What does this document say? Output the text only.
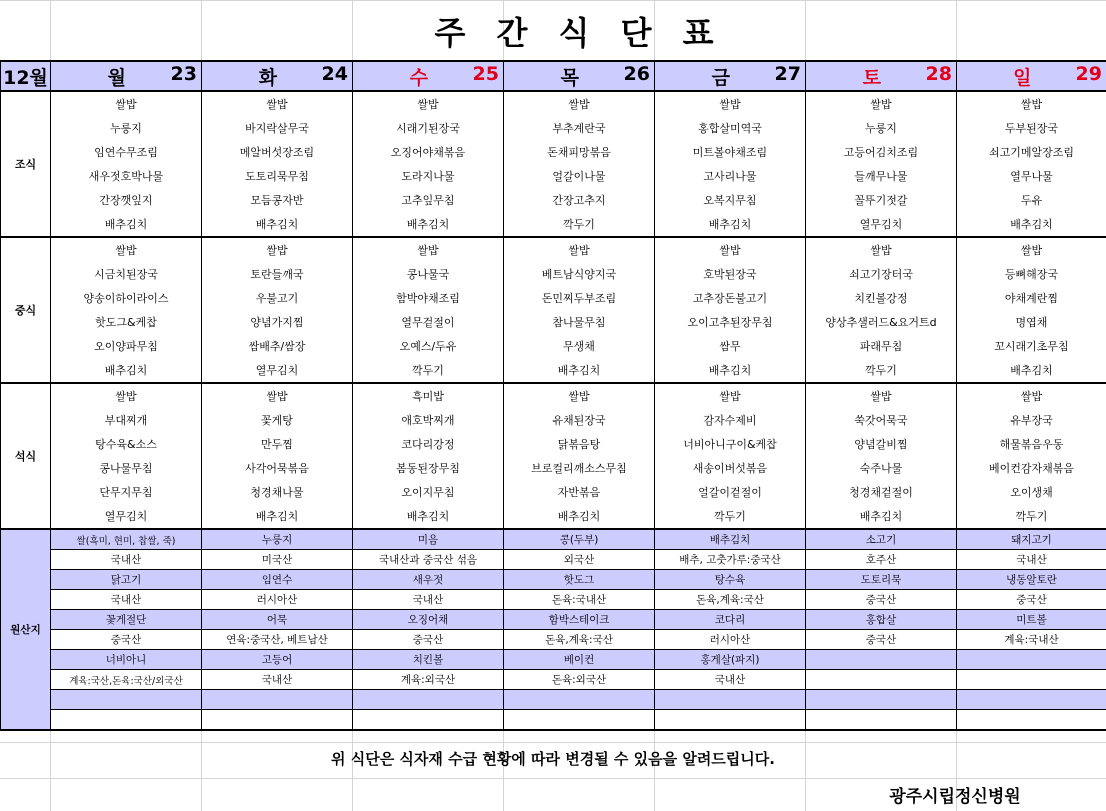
주 간 식 단 표
12월	월 23	화 24	수 25	목 26	금 27	토 28	일 29

조식	쌀밥	쌀밥	쌀밥	쌀밥	쌀밥	쌀밥	쌀밥
	누룽지	바지락살무국	시래기된장국	부추계란국	홍합살미역국	누룽지	두부된장국
	임연수무조림	메알버섯장조림	오징어야채볶음	돈채피망볶음	미트볼야채조림	고등어김치조림	쇠고기메알장조림
	새우젓호박나물	도토리묵무침	도라지나물	얼갈이나물	고사리나물	들깨무나물	열무나물
	간장깻잎지	모듬콩자반	고추잎무침	간장고추지	오복지무침	꼴뚜기젓갈	두유
	배추김치	배추김치	배추김치	깍두기	배추김치	열무김치	배추김치
중식	쌀밥	쌀밥	쌀밥	쌀밥	쌀밥	쌀밥	쌀밥
	시금치된장국	토란들깨국	콩나물국	베트남식양지국	호박된장국	쇠고기장터국	등뼈해장국
	양송이하이라이스	우불고기	함박야채조림	돈민찌두부조림	고추장돈불고기	치킨볼강정	야채계란찜
	핫도그&케찹	양념가지찜	열무겉절이	참나물무침	오이고추된장무침	양상추샐러드&요거트d	명엽채
	오이양파무침	쌈배추/쌈장	오예스/두유	무생채	쌈무	파래무침	꼬시래기초무침
	배추김치	열무김치	깍두기	배추김치	배추김치	깍두기	배추김치
석식	쌀밥	쌀밥	흑미밥	쌀밥	쌀밥	쌀밥	쌀밥
	부대찌개	꽃게탕	애호박찌개	유채된장국	감자수제비	쑥갓어묵국	유부장국
	탕수육&소스	만두찜	코다리강정	닭볶음탕	너비아니구이&케찹	양념갈비찜	해물볶음우동
	콩나물무침	사각어묵볶음	봄동된장무침	브로컬리깨소스무침	새송이버섯볶음	숙주나물	베이컨감자채볶음
	단무지무침	청경채나물	오이지무침	자반볶음	얼갈이겉절이	청경채겉절이	오이생채
	열무김치	배추김치	배추김치	배추김치	깍두기	배추김치	깍두기
원산지	쌀(흑미, 현미, 찹쌀, 죽)	누룽지	미음	콩(두부)	배추김치	소고기	돼지고기
	국내산	미국산	국내산과 중국산 섞음	외국산	배추, 고춧가루:중국산	호주산	국내산
	닭고기	임연수	새우젓	핫도그	탕수육	도토리묵	냉동알토란
	국내산	러시아산	국내산	돈육:국내산	돈육,계육:국산	중국산	중국산
	꽃게절단	어묵	오징어채	함박스테이크	코다리	홍합살	미트볼
	중국산	연육:중국산, 베트남산	중국산	돈육,계육:국산	러시아산	중국산	계육:국내산
	너비아니	고등어	치킨볼	베이컨	홍게살(파지)		
	계육:국산,돈육:국산/외국산	국내산	계육:외국산	돈육:외국산	국내산		

위 식단은 식자재 수급 현황에 따라 변경될 수 있음을 알려드립니다.
광주시립정신병원
